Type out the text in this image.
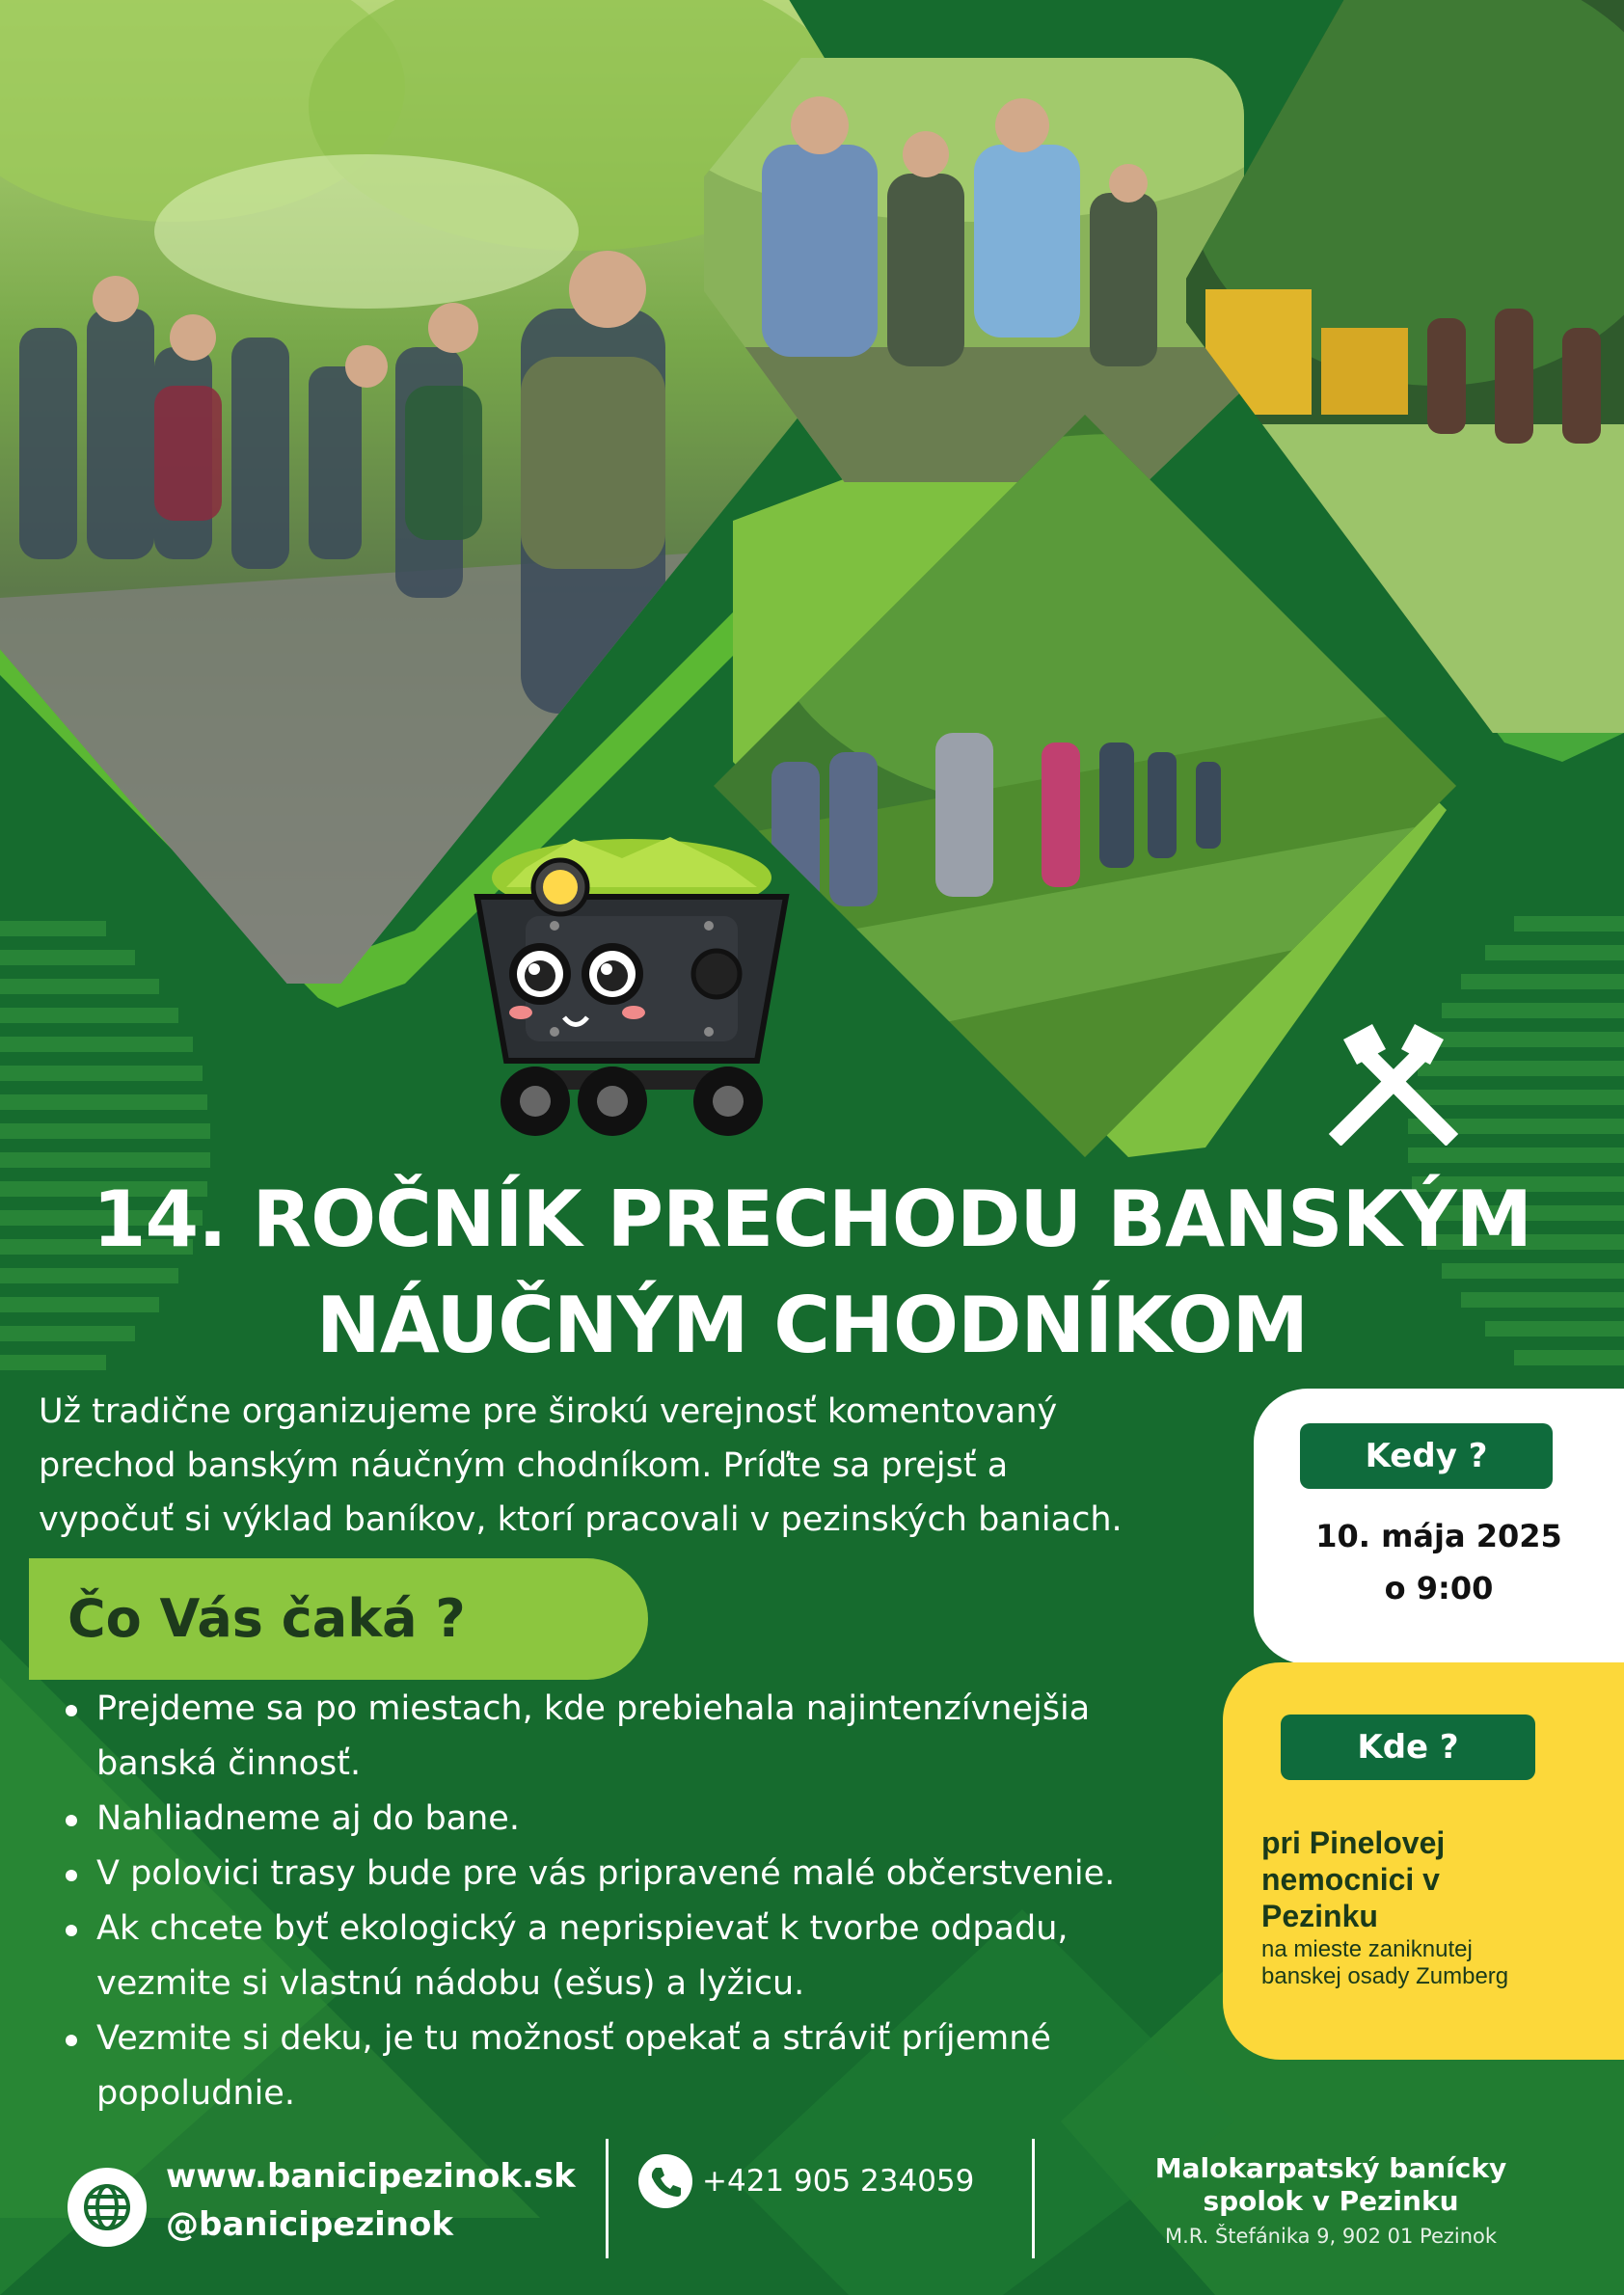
14. ROČNÍK PRECHODU BANSKÝM
NÁUČNÝM CHODNÍKOM

Už tradične organizujeme pre širokú verejnosť komentovaný
prechod banským náučným chodníkom. Príďte sa prejsť a
vypočuť si výklad baníkov, ktorí pracovali v pezinských baniach.

Čo Vás čaká ?
Prejdeme sa po miestach, kde prebiehala najintenzívnejšia
banská činnosť.
Nahliadneme aj do bane.
V polovici trasy bude pre vás pripravené malé občerstvenie.
Ak chcete byť ekologický a neprispievať k tvorbe odpadu,
vezmite si vlastnú nádobu (ešus) a lyžicu.
Vezmite si deku, je tu možnosť opekať a stráviť príjemné
popoludnie.
Kedy ?

10. mája 2025
o 9:00

Kde ?

pri Pinelovej
nemocnici v
Pezinku

na mieste zaniknutej
banskej osady Zumberg

www.banicipezinok.sk
@banicipezinok

+421 905 234059	Malokarpatský banícky
spolok v Pezinku

M.R. Štefánika 9, 902 01 Pezinok
